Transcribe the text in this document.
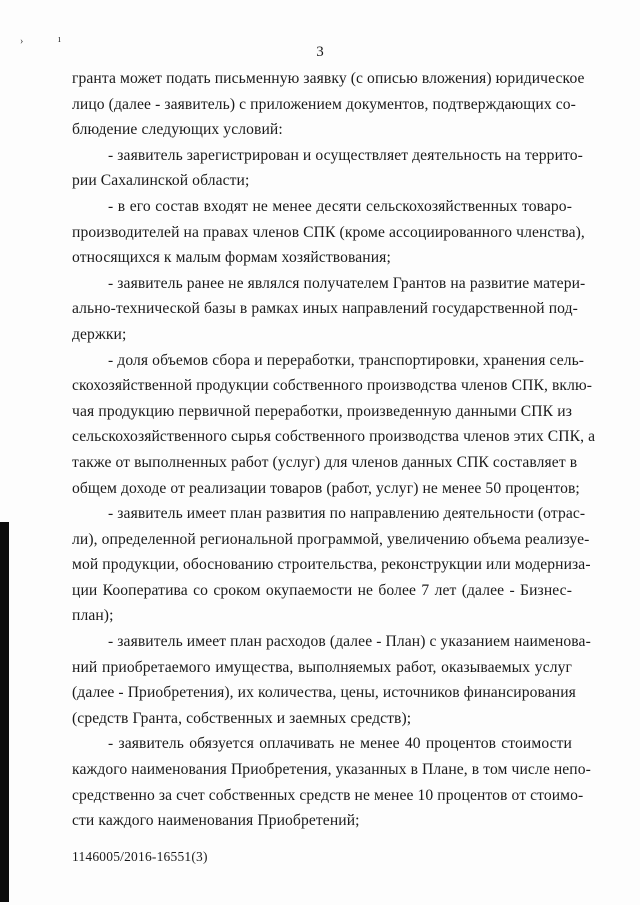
›	ı
3
гранта может подать письменную заявку (с описью вложения) юридическое
лицо (далее - заявитель) с приложением документов, подтверждающих со-
блюдение следующих условий:
- заявитель зарегистрирован и осуществляет деятельность на террито-
рии Сахалинской области;
- в его состав входят не менее десяти сельскохозяйственных товаро-
производителей на правах членов СПК (кроме ассоциированного членства),
относящихся к малым формам хозяйствования;
- заявитель ранее не являлся получателем Грантов на развитие матери-
ально-технической базы в рамках иных направлений государственной под-
держки;
- доля объемов сбора и переработки, транспортировки, хранения сель-
скохозяйственной продукции собственного производства членов СПК, вклю-
чая продукцию первичной переработки, произведенную данными СПК из
сельскохозяйственного сырья собственного производства членов этих СПК, а
также от выполненных работ (услуг) для членов данных СПК составляет в
общем доходе от реализации товаров (работ, услуг) не менее 50 процентов;
- заявитель имеет план развития по направлению деятельности (отрас-
ли), определенной региональной программой, увеличению объема реализуе-
мой продукции, обоснованию строительства, реконструкции или модерниза-
ции Кооператива со сроком окупаемости не более 7 лет (далее - Бизнес-
план);
- заявитель имеет план расходов (далее - План) с указанием наименова-
ний приобретаемого имущества, выполняемых работ, оказываемых услуг
(далее - Приобретения), их количества, цены, источников финансирования
(средств Гранта, собственных и заемных средств);
- заявитель обязуется оплачивать не менее 40 процентов стоимости
каждого наименования Приобретения, указанных в Плане, в том числе непо-
средственно за счет собственных средств не менее 10 процентов от стоимо-
сти каждого наименования Приобретений;
1146005/2016-16551(3)
